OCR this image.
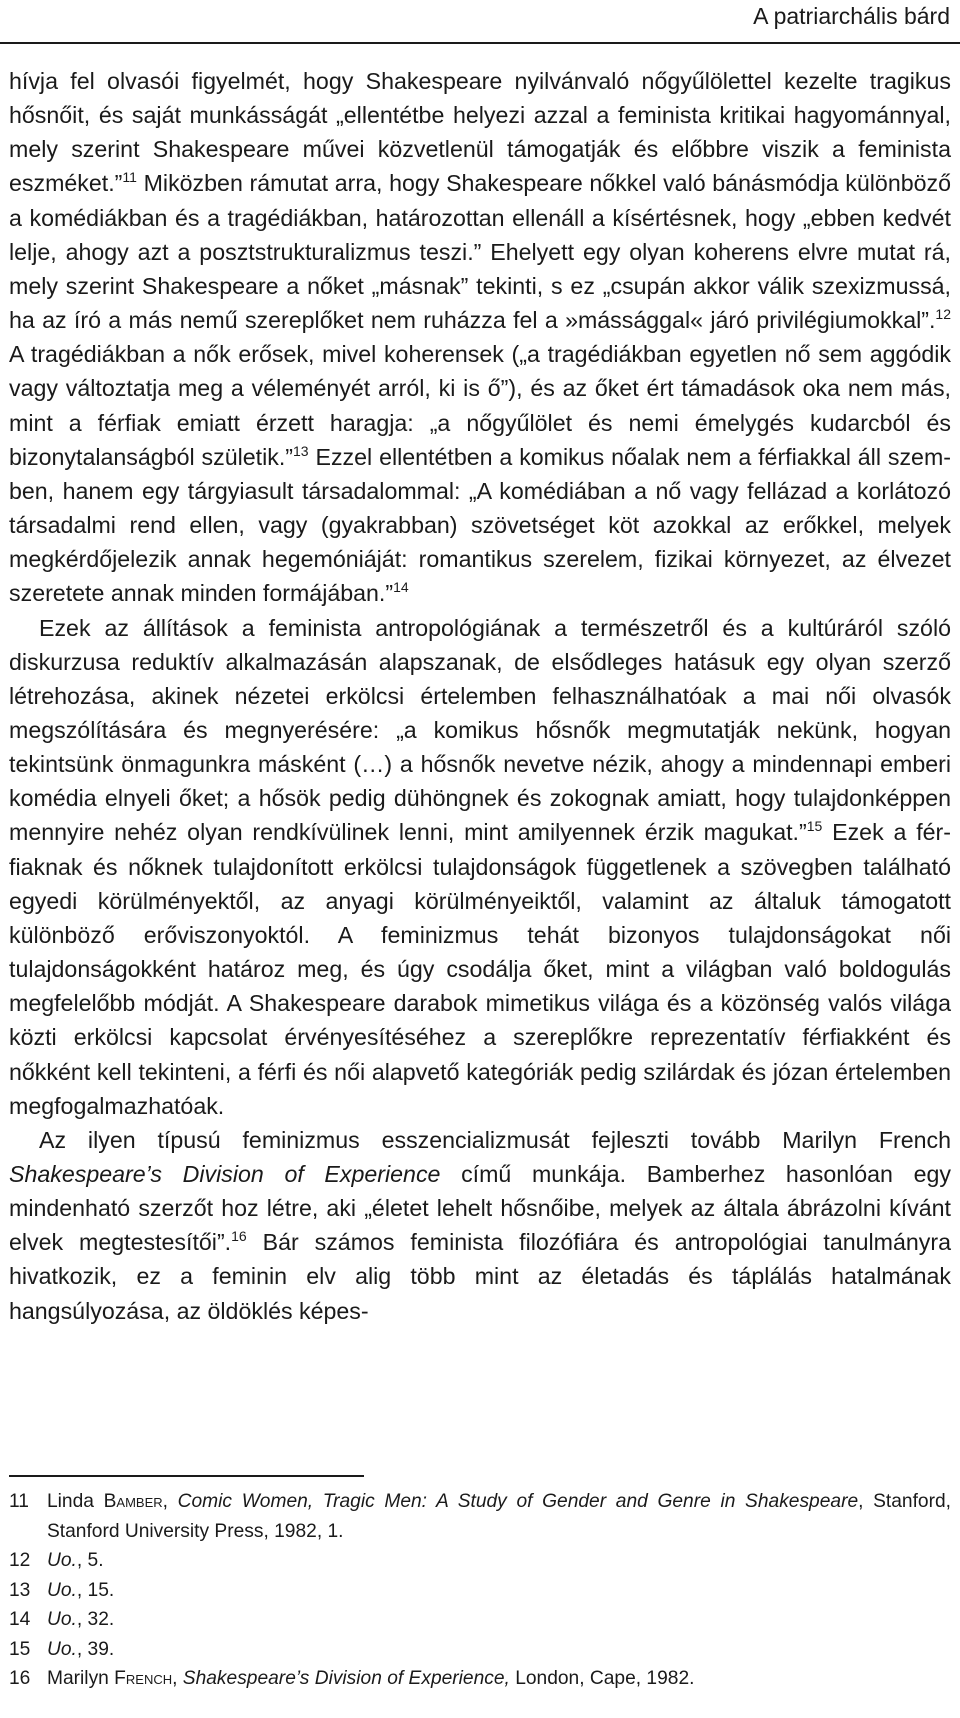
A patriarchális bárd

hívja fel olvasói figyelmét, hogy Shakespeare nyilvánvaló nőgyűlölettel kezelte tragikus hősnőit, és saját munkásságát „ellentétbe helyezi azzal a feminista kritikai hagyománnyal, mely szerint Shakespeare művei közvetlenül támogatják és előbbre viszik a feminista eszméket.”$^{11}$ Miközben rámutat arra, hogy Shakespeare nőkkel való bánásmódja különböző a komédiákban és a tragédiákban, határozottan ellenáll a kísértésnek, hogy „ebben kedvét lelje, ahogy azt a posztstrukturalizmus teszi.” Ehelyett egy olyan koherens elvre mutat rá, mely szerint Shakespeare a nőket „másnak” tekinti, s ez „csupán akkor válik szexizmussá, ha az író a más nemű szereplőket nem ruházza fel a »mássággal« járó privilégiumokkal”.$^{12}$ A tragédiákban a nők erősek, mivel koherensek („a tragédiákban egyetlen nő sem aggódik vagy változtatja meg a véleményét arról, ki is ő”), és az őket ért támadások oka nem más, mint a férfiak emiatt érzett haragja: „a nőgyűlölet és nemi émelygés kudarcból és bizonytalanságból születik.”$^{13}$ Ezzel ellentétben a komikus nőalak nem a férfiakkal áll szemben, hanem egy tárgyiasult társadalommal: „A komédiában a nő vagy fellázad a korlátozó társadalmi rend ellen, vagy (gyakrabban) szövetséget köt azokkal az erőkkel, melyek megkérdőjelezik annak hegemóniáját: romantikus szerelem, fizikai környezet, az élvezet szeretete annak minden formájában.”$^{14}$

Ezek az állítások a feminista antropológiának a természetről és a kultúráról szóló diskurzusa reduktív alkalmazásán alapszanak, de elsődleges hatásuk egy olyan szerző létrehozása, akinek nézetei erkölcsi értelemben felhasználhatóak a mai női olvasók megszólítására és megnyerésére: „a komikus hősnők megmutatják nekünk, hogyan tekintsünk önmagunkra másként (…) a hősnők nevetve nézik, ahogy a mindennapi emberi komédia elnyeli őket; a hősök pedig dühöngnek és zokognak amiatt, hogy tulajdonképpen mennyire nehéz olyan rendkívülinek lenni, mint amilyennek érzik magukat.”$^{15}$ Ezek a férfiaknak és nőknek tulajdonított erkölcsi tulajdonságok függetlenek a szövegben található egyedi körülményektől, az anyagi körülményeiktől, valamint az általuk támogatott különböző erőviszonyoktól. A feminizmus tehát bizonyos tulajdonságokat női tulajdonságokként határoz meg, és úgy csodálja őket, mint a világban való boldogulás megfelelőbb módját. A Shakespeare darabok mimetikus világa és a közönség valós világa közti erkölcsi kapcsolat érvényesítéséhez a szereplőkre reprezentatív férfiakként és nőkként kell tekinteni, a férfi és női alapvető kategóriák pedig szilárdak és józan értelemben megfogalmazhatóak.

Az ilyen típusú feminizmus esszencializmusát fejleszti tovább Marilyn French Shakespeare’s Division of Experience című munkája. Bamberhez hasonlóan egy mindenható szerzőt hoz létre, aki „életet lehelt hősnőibe, melyek az általa ábrázolni kívánt elvek megtestesítői”.$^{16}$ Bár számos feminista filozófiára és antropológiai tanulmányra hivatkozik, ez a feminin elv alig több mint az életadás és táplálás hatalmának hangsúlyozása, az öldöklés képes-

11 Linda Bamber, Comic Women, Tragic Men: A Study of Gender and Genre in Shakespeare, Stanford, Stanford University Press, 1982, 1.
12 Uo., 5.
13 Uo., 15.
14 Uo., 32.
15 Uo., 39.
16 Marilyn French, Shakespeare’s Division of Experience, London, Cape, 1982.
